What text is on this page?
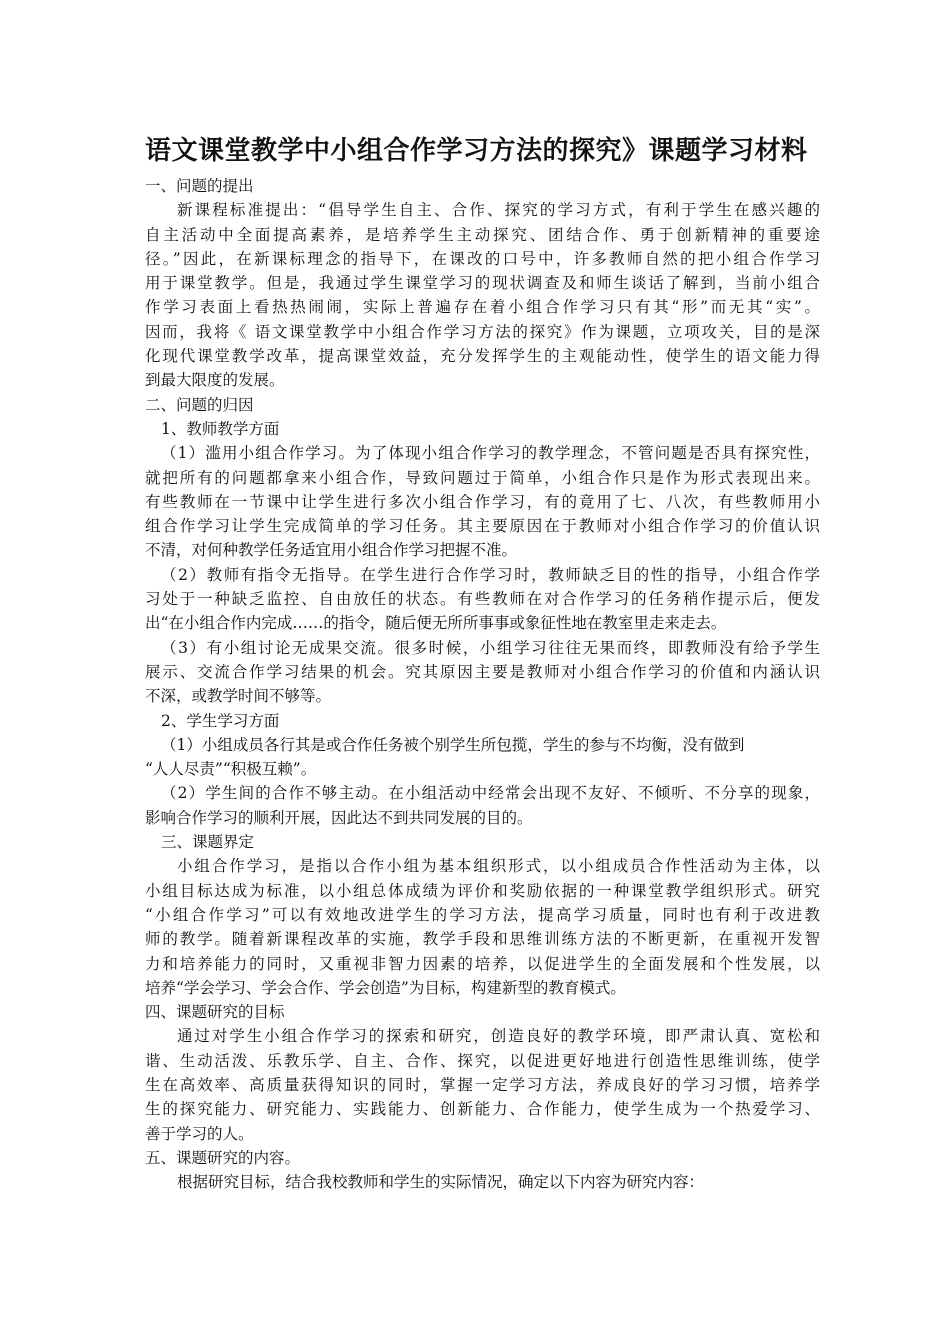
语文课堂教学中小组合作学习方法的探究》课题学习材料
一、问题的提出
新课程标准提出：“倡导学生自主、合作、探究的学习方式，有利于学生在感兴趣的
自主活动中全面提高素养，是培养学生主动探究、团结合作、勇于创新精神的重要途
径。”因此，在新课标理念的指导下，在课改的口号中，许多教师自然的把小组合作学习
用于课堂教学。但是，我通过学生课堂学习的现状调查及和师生谈话了解到，当前小组合
作学习表面上看热热闹闹，实际上普遍存在着小组合作学习只有其“形”而无其“实”。
因而，我将《 语文课堂教学中小组合作学习方法的探究》作为课题，立项攻关，目的是深
化现代课堂教学改革，提高课堂效益，充分发挥学生的主观能动性，使学生的语文能力得
到最大限度的发展。
二、问题的归因
1、教师教学方面
（1）滥用小组合作学习。为了体现小组合作学习的教学理念，不管问题是否具有探究性，
就把所有的问题都拿来小组合作，导致问题过于简单，小组合作只是作为形式表现出来。
有些教师在一节课中让学生进行多次小组合作学习，有的竟用了七、八次，有些教师用小
组合作学习让学生完成简单的学习任务。其主要原因在于教师对小组合作学习的价值认识
不清，对何种教学任务适宜用小组合作学习把握不准。
（2）教师有指令无指导。在学生进行合作学习时，教师缺乏目的性的指导，小组合作学
习处于一种缺乏监控、自由放任的状态。有些教师在对合作学习的任务稍作提示后，便发
出“在小组合作内完成……的指令，随后便无所所事事或象征性地在教室里走来走去。
（3）有小组讨论无成果交流。很多时候，小组学习往往无果而终，即教师没有给予学生
展示、交流合作学习结果的机会。究其原因主要是教师对小组合作学习的价值和内涵认识
不深，或教学时间不够等。
2、学生学习方面
（1）小组成员各行其是或合作任务被个别学生所包揽，学生的参与不均衡，没有做到
“人人尽责”“积极互赖”。
（2）学生间的合作不够主动。在小组活动中经常会出现不友好、不倾听、不分享的现象，
影响合作学习的顺利开展，因此达不到共同发展的目的。
三、课题界定
小组合作学习，是指以合作小组为基本组织形式，以小组成员合作性活动为主体，以
小组目标达成为标准，以小组总体成绩为评价和奖励依据的一种课堂教学组织形式。研究
“小组合作学习”可以有效地改进学生的学习方法，提高学习质量，同时也有利于改进教
师的教学。随着新课程改革的实施，教学手段和思维训练方法的不断更新，在重视开发智
力和培养能力的同时，又重视非智力因素的培养，以促进学生的全面发展和个性发展，以
培养“学会学习、学会合作、学会创造”为目标，构建新型的教育模式。
四、课题研究的目标
通过对学生小组合作学习的探索和研究，创造良好的教学环境，即严肃认真、宽松和
谐、生动活泼、乐教乐学、自主、合作、探究，以促进更好地进行创造性思维训练，使学
生在高效率、高质量获得知识的同时，掌握一定学习方法，养成良好的学习习惯，培养学
生的探究能力、研究能力、实践能力、创新能力、合作能力，使学生成为一个热爱学习、
善于学习的人。
五、课题研究的内容。
根据研究目标，结合我校教师和学生的实际情况，确定以下内容为研究内容：
